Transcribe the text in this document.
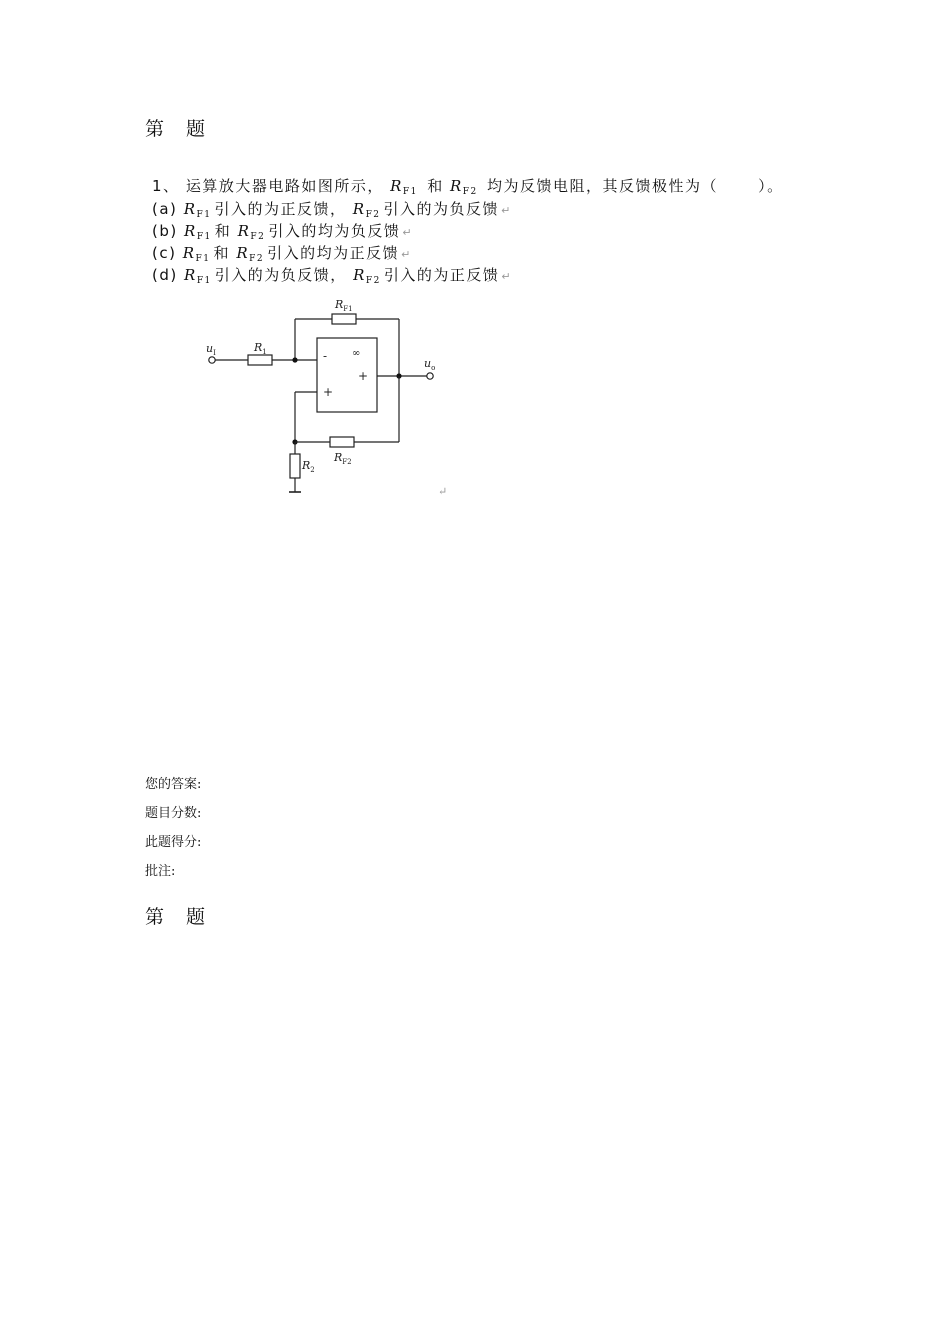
第 题
1、 运算放大器电路如图所示， $R_{F1}$ 和 $R_{F2}$ 均为反馈电阻，其反馈极性为（	）。
(a) $R_{F1}$ 引入的为正反馈， $R_{F2}$ 引入的为负反馈 ↵
(b) $R_{F1}$ 和 $R_{F2}$ 引入的均为负反馈 ↵
(c) $R_{F1}$ 和 $R_{F2}$ 引入的均为正反馈 ↵
(d) $R_{F1}$ 引入的为负反馈， $R_{F2}$ 引入的为正反馈 ↵
$R_{F1}$
$u_I$	$R_1$
$u_o$
$R_{F2}$
$R_2$
- ∞
+
+
↵
您的答案:
题目分数:
此题得分:
批注:
第 题
